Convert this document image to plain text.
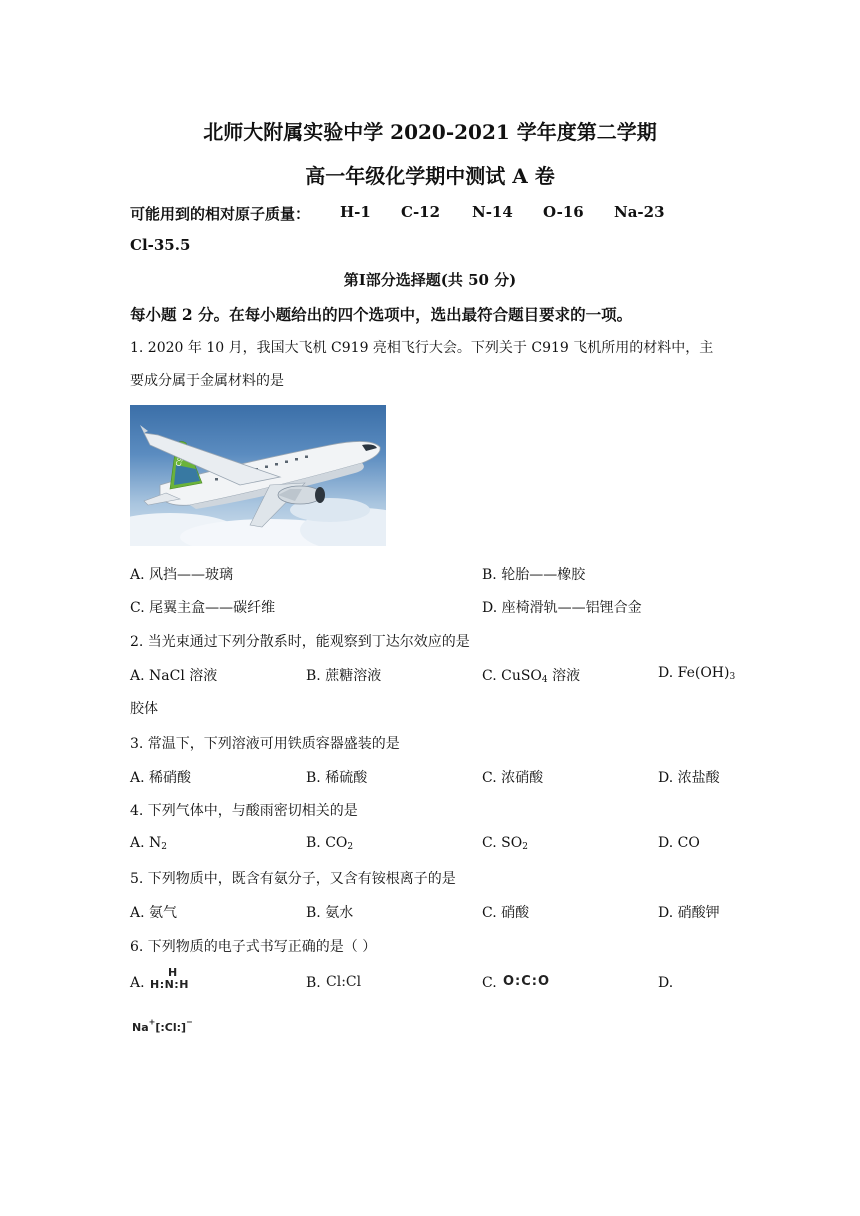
北师大附属实验中学 2020-2021 学年度第二学期
高一年级化学期中测试 A 卷
可能用到的相对原子质量： H-1 C-12 N-14 O-16 Na-23
Cl-35.5
第Ⅰ部分选择题(共 50 分)
每小题 2 分。在每小题给出的四个选项中，选出最符合题目要求的一项。
1. 2020 年 10 月，我国大飞机 C919 亮相飞行大会。下列关于 C919 飞机所用的材料中，主
要成分属于金属材料的是
A. 风挡——玻璃	B. 轮胎——橡胶
C. 尾翼主盒——碳纤维	D. 座椅滑轨——铝锂合金
2. 当光束通过下列分散系时，能观察到丁达尔效应的是
A. NaCl 溶液	B. 蔗糖溶液	C. CuSO$_4$ 溶液	D. $Fe(OH)_3$
胶体
3. 常温下，下列溶液可用铁质容器盛装的是
A. 稀硝酸	B. 稀硫酸	C. 浓硝酸	D. 浓盐酸
4. 下列气体中，与酸雨密切相关的是
A. $N_2$	B. $CO_2$	C. $SO_2$	D. CO
5. 下列物质中，既含有氨分子，又含有铵根离子的是
A. 氨气	B. 氨水	C. 硝酸	D. 硝酸钾
6. 下列物质的电子式书写正确的是（ ）
A.
H
H:N:H	B. Cl:Cl	C. O:C:O	D.
Na+[:Cl:]−
